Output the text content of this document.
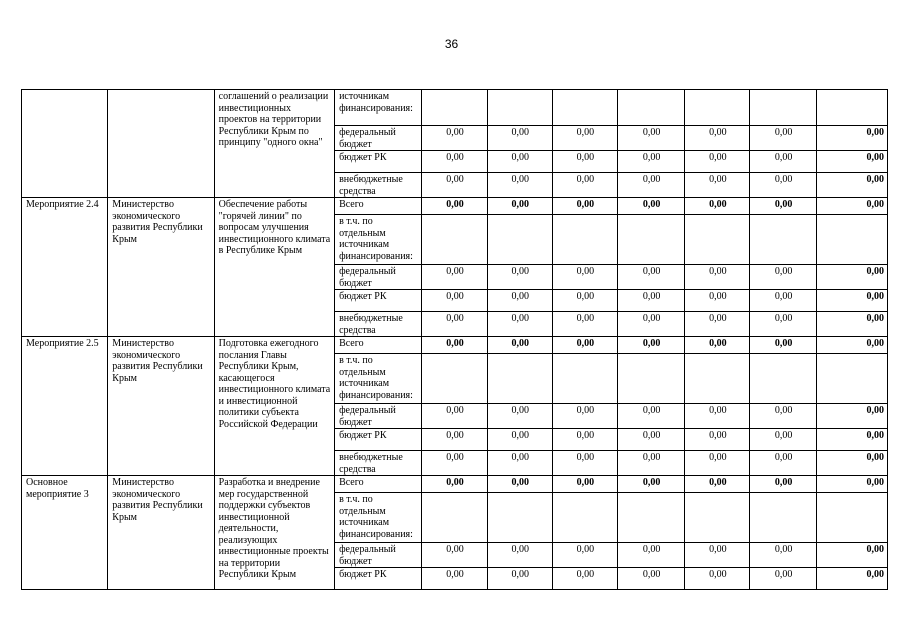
36
		соглашений о реализации инвестиционных проектов на территории Республики Крым по принципу "одного окна"	источникам финансирования:							
			федеральный бюджет	0,00	0,00	0,00	0,00	0,00	0,00	0,00
			бюджет РК	0,00	0,00	0,00	0,00	0,00	0,00	0,00
			внебюджетные средства	0,00	0,00	0,00	0,00	0,00	0,00	0,00
Мероприятие 2.4	Министерство экономического развития Республики Крым	Обеспечение работы "горячей линии" по вопросам улучшения инвестиционного климата в Республике Крым	Всего	0,00	0,00	0,00	0,00	0,00	0,00	0,00
			в т.ч. по отдельным источникам финансирования:							
			федеральный бюджет	0,00	0,00	0,00	0,00	0,00	0,00	0,00
			бюджет РК	0,00	0,00	0,00	0,00	0,00	0,00	0,00
			внебюджетные средства	0,00	0,00	0,00	0,00	0,00	0,00	0,00
Мероприятие 2.5	Министерство экономического развития Республики Крым	Подготовка ежегодного послания Главы Республики Крым, касающегося инвестиционного климата и инвестиционной политики субъекта Российской Федерации	Всего	0,00	0,00	0,00	0,00	0,00	0,00	0,00
			в т.ч. по отдельным источникам финансирования:							
			федеральный бюджет	0,00	0,00	0,00	0,00	0,00	0,00	0,00
			бюджет РК	0,00	0,00	0,00	0,00	0,00	0,00	0,00
			внебюджетные средства	0,00	0,00	0,00	0,00	0,00	0,00	0,00
Основное мероприятие 3	Министерство экономического развития Республики Крым	Разработка и внедрение мер государственной поддержки субъектов инвестиционной деятельности, реализующих инвестиционные проекты на территории Республики Крым	Всего	0,00	0,00	0,00	0,00	0,00	0,00	0,00
			в т.ч. по отдельным источникам финансирования:							
			федеральный бюджет	0,00	0,00	0,00	0,00	0,00	0,00	0,00
			бюджет РК	0,00	0,00	0,00	0,00	0,00	0,00	0,00
